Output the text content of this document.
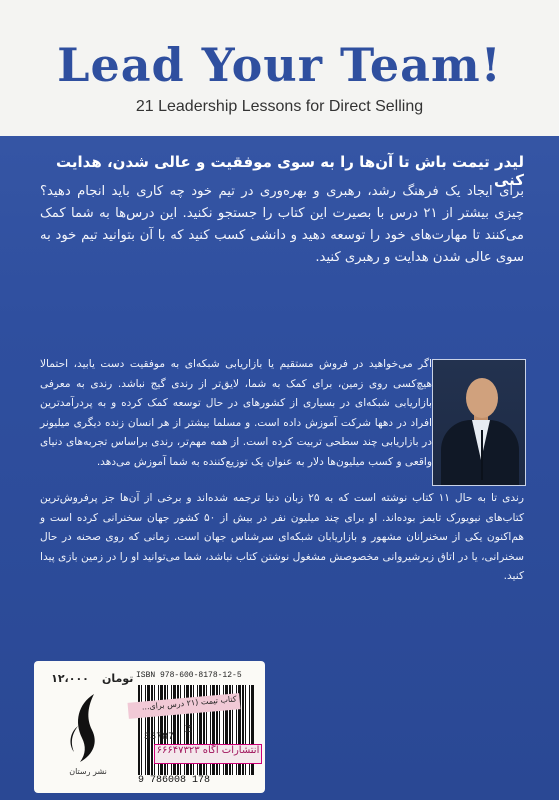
Lead Your Team!
21 Leadership Lessons for Direct Selling
لیدر تیمت باش تا آن‌ها را به سوی موفقیت و عالی شدن، هدایت کنی
برای ایجاد یک فرهنگ رشد، رهبری و بهره‌وری در تیم خود چه کاری باید انجام دهید؟ چیزی بیشتر از ۲۱ درس با بصیرت این کتاب را جستجو نکنید. این درس‌ها به شما کمک می‌کنند تا مهارت‌های خود را توسعه دهید و دانشی کسب کنید که با آن بتوانید تیم خود به سوی عالی شدن هدایت و رهبری کنید.
اگر می‌خواهید در فروش مستقیم یا بازاریابی شبکه‌ای به موفقیت دست یابید، احتمالا هیچ‌کسی روی زمین، برای کمک به شما، لایق‌تر از رندی گیج نباشد. رندی به معرفی بازاریابی شبکه‌ای در بسیاری از کشورهای در حال توسعه کمک کرده و به پردرآمدترین افراد در دهها شرکت آموزش داده است. و مسلما بیشتر از هر انسان زنده دیگری میلیونر در بازاریابی چند سطحی تربیت کرده است. از همه مهم‌تر، رندی براساس تجربه‌های دنیای واقعی و کسب میلیون‌ها دلار به عنوان یک توزیع‌کننده به شما آموزش می‌دهد.
رندی تا به حال ۱۱ کتاب نوشته است که به ۲۵ زبان دنیا ترجمه شده‌اند و برخی از آن‌ها جز پرفروش‌ترین کتاب‌های نیویورک تایمز بوده‌اند. او برای چند میلیون نفر در بیش از ۵۰ کشور جهان سخنرانی کرده است و هم‌اکنون یکی از سخنرانان مشهور و بازاریابان شبکه‌ای سرشناس جهان است. زمانی که روی صحنه در حال سخنرانی، یا در اتاق زیرشیروانی مخصوصش مشغول نوشتن کتاب نباشد، شما می‌توانید او را در زمین بازی پیدا کنید.
۱۲،۰۰۰	تومان ISBN 978-600-8178-12-5
نشر رستان
9 786008 178
کتاب تیمت (۲۱ درس برای...
Z
33787
انتشارات آگاه ۶۶۶۴۷۳۲۳
